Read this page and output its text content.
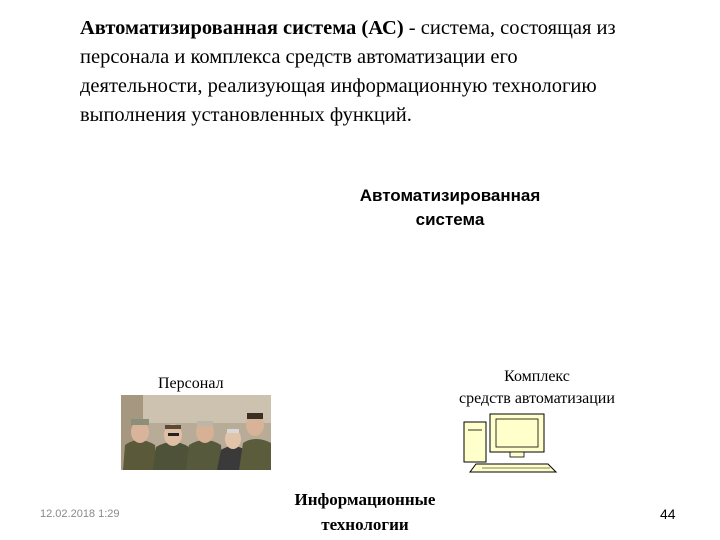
Автоматизированная система (АС) - система, состоящая из
персонала и комплекса средств автоматизации его
деятельности, реализующая информационную технологию
выполнения установленных функций.
Автоматизированная
система
Персонал	Комплекс
средств автоматизации
Информационные
технологии
12.02.2018 1:29	44
